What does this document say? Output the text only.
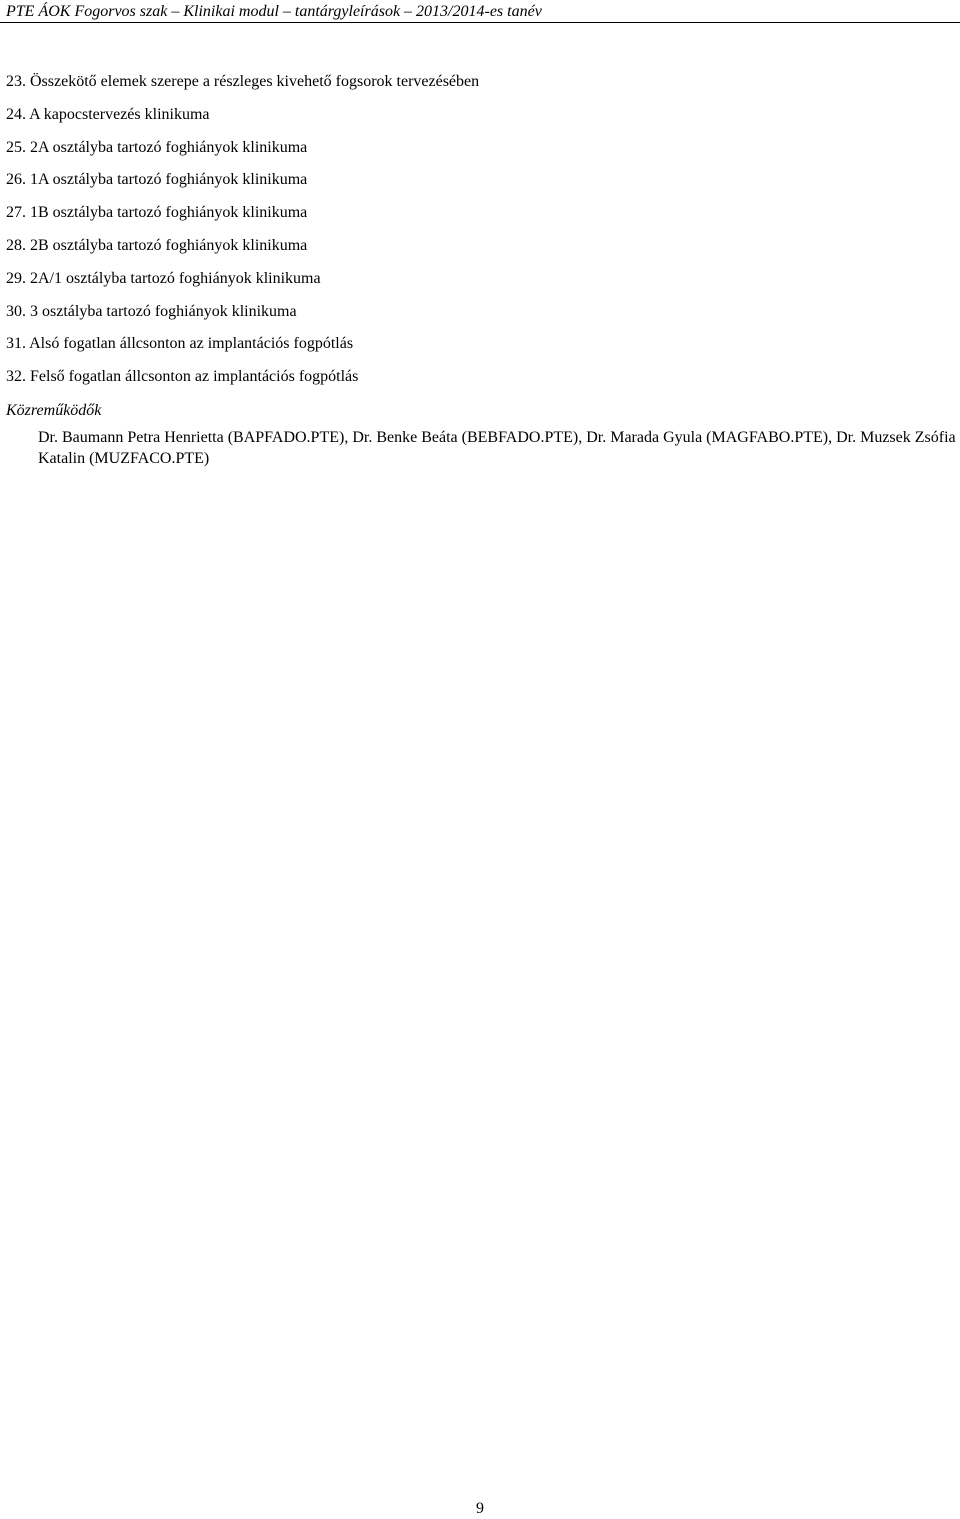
PTE ÁOK Fogorvos szak – Klinikai modul – tantárgyleírások – 2013/2014-es tanév
23. Összekötő elemek szerepe a részleges kivehető fogsorok tervezésében
24. A kapocstervezés klinikuma
25. 2A osztályba tartozó foghiányok klinikuma
26. 1A osztályba tartozó foghiányok klinikuma
27. 1B osztályba tartozó foghiányok klinikuma
28. 2B osztályba tartozó foghiányok klinikuma
29. 2A/1 osztályba tartozó foghiányok klinikuma
30. 3 osztályba tartozó foghiányok klinikuma
31. Alsó fogatlan állcsonton az implantációs fogpótlás
32. Felső fogatlan állcsonton az implantációs fogpótlás
Közreműködők
Dr. Baumann Petra Henrietta (BAPFADO.PTE), Dr. Benke Beáta (BEBFADO.PTE), Dr. Marada Gyula (MAGFABO.PTE), Dr. Muzsek Zsófia Katalin (MUZFACO.PTE)
9
